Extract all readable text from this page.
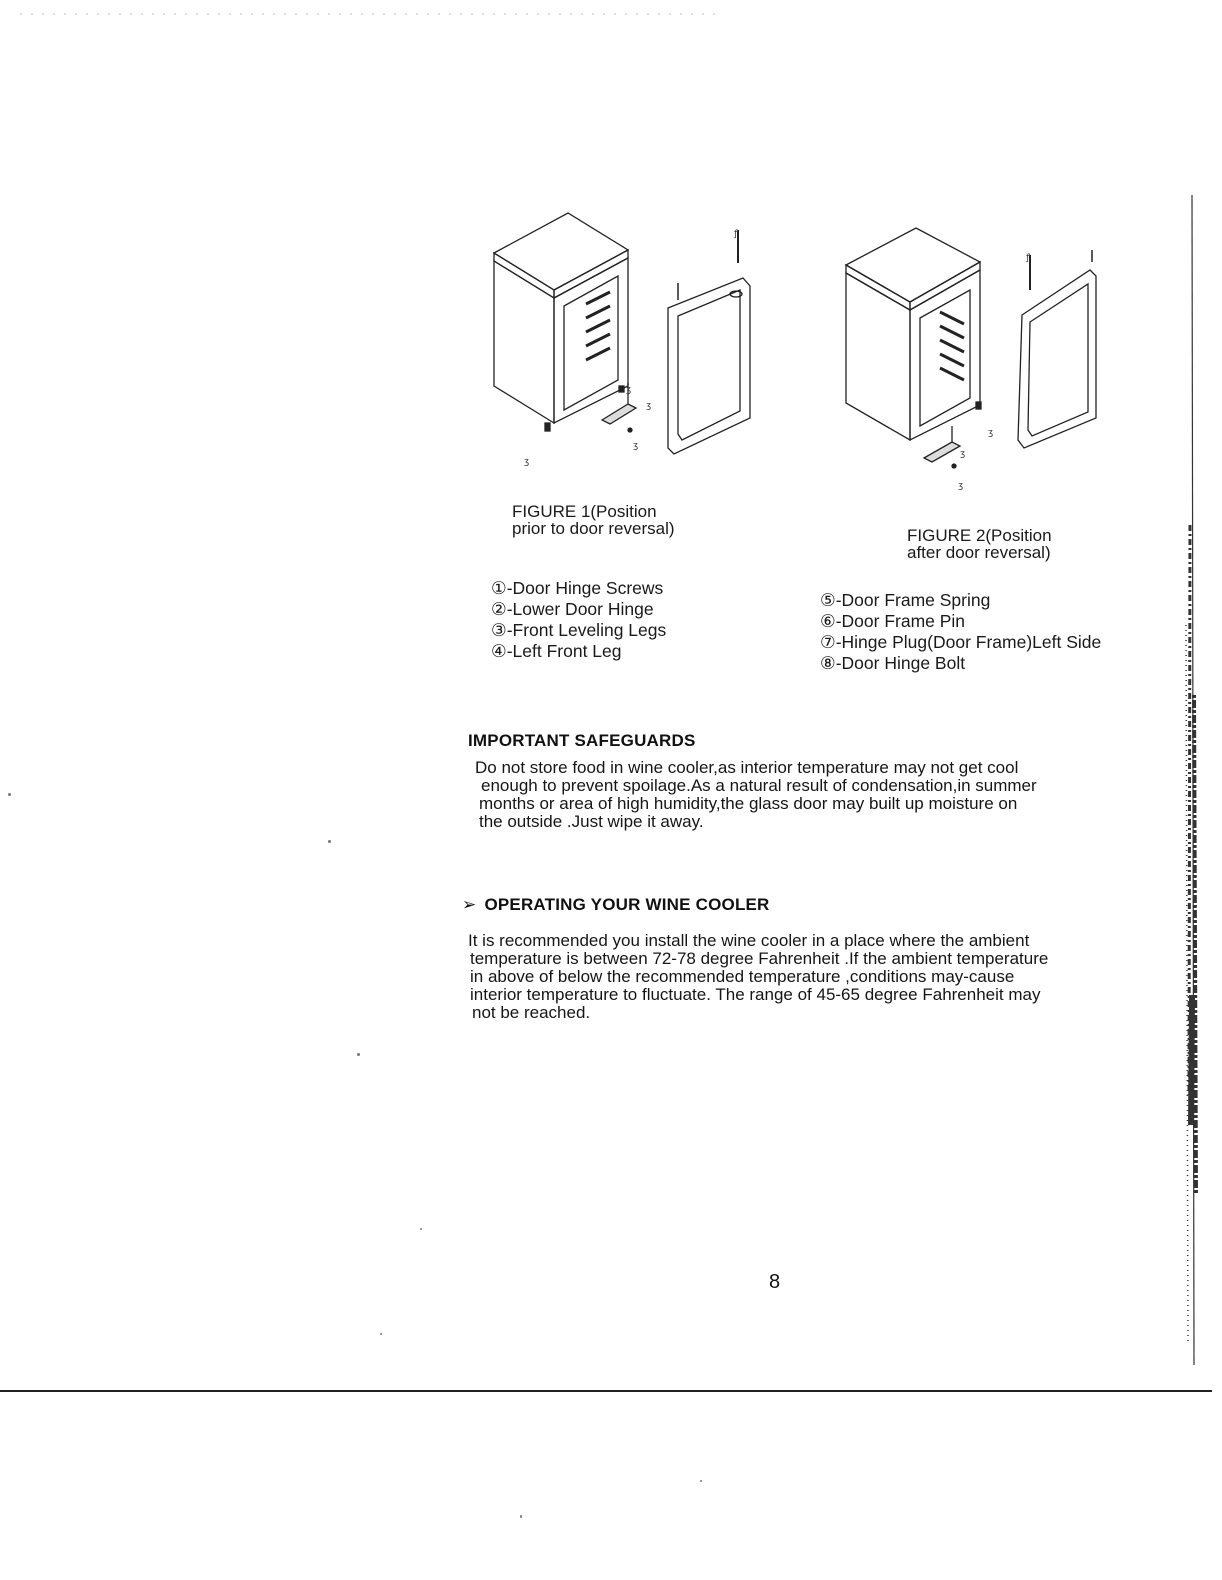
ꝭ
ʒ
ʒ
ʒ
ʒ
ꝭ
ʒ
ʒ
ʒ
FIGURE 1(Position
prior to door reversal)	FIGURE 2(Position
after door reversal)
①-Door Hinge Screws
②-Lower Door Hinge
③-Front Leveling Legs
④-Left Front Leg
⑤-Door Frame Spring
⑥-Door Frame Pin
⑦-Hinge Plug(Door Frame)Left Side
⑧-Door Hinge Bolt
IMPORTANT SAFEGUARDS
Do not store food in wine cooler,as interior temperature may not get cool
enough to prevent spoilage.As a natural result of condensation,in summer
months or area of high humidity,the glass door may built up moisture on
the outside .Just wipe it away.
➢ OPERATING YOUR WINE COOLER
It is recommended you install the wine cooler in a place where the ambient
temperature is between 72-78 degree Fahrenheit .If the ambient temperature
in above of below the recommended temperature ,conditions may-cause
interior temperature to fluctuate. The range of 45-65 degree Fahrenheit may
not be reached.
8
